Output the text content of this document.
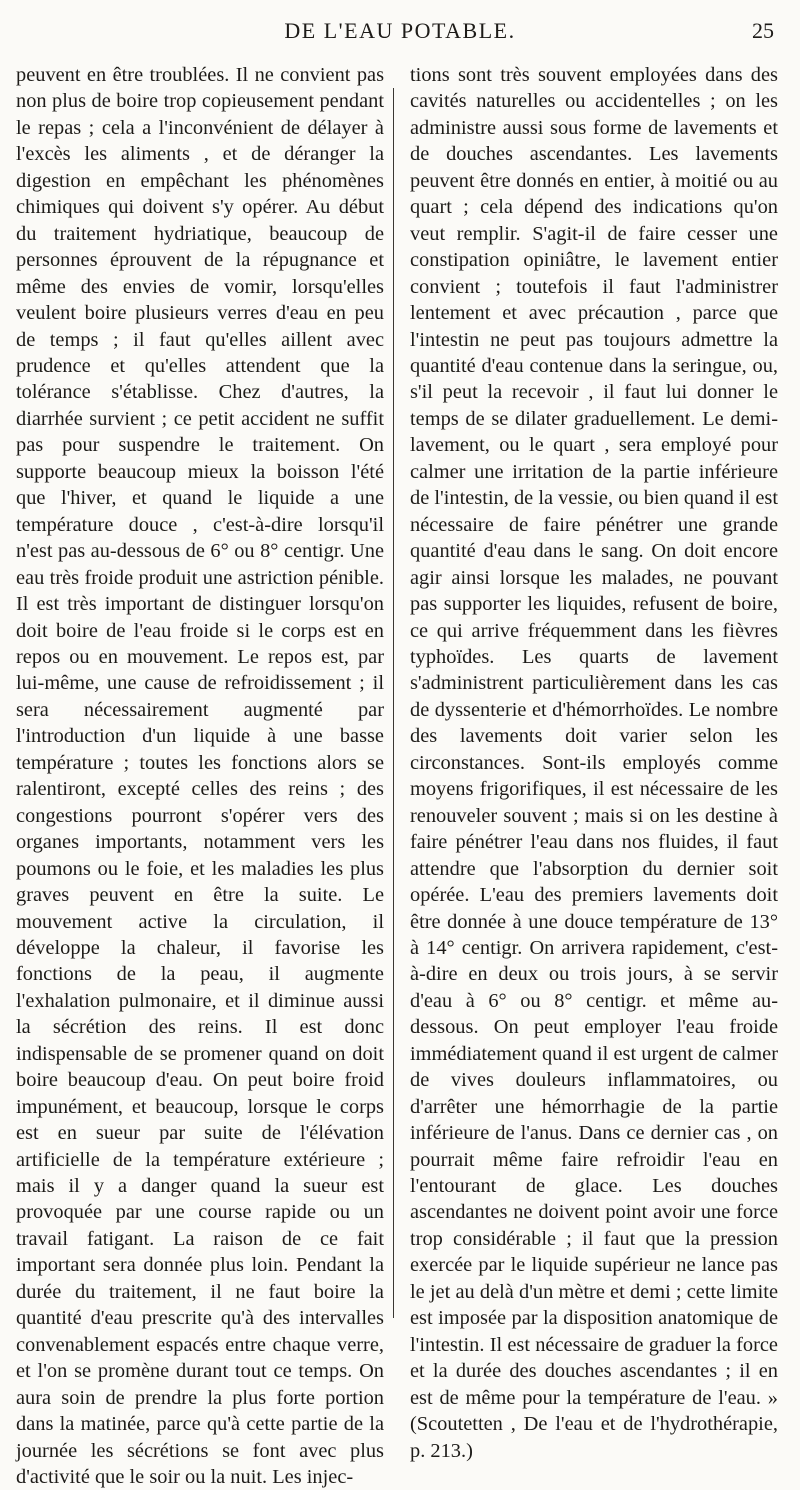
DE L'EAU POTABLE.	25

peuvent en être troublées. Il ne convient pas non plus de boire trop copieusement pendant le repas ; cela a l'inconvénient de délayer à l'excès les aliments , et de déranger la digestion en empêchant les phénomènes chimiques qui doivent s'y opérer. Au début du traitement hydriatique, beaucoup de personnes éprouvent de la répugnance et même des envies de vomir, lorsqu'elles veulent boire plusieurs verres d'eau en peu de temps ; il faut qu'elles aillent avec prudence et qu'elles attendent que la tolérance s'établisse. Chez d'autres, la diarrhée survient ; ce petit accident ne suffit pas pour suspendre le traitement. On supporte beaucoup mieux la boisson l'été que l'hiver, et quand le liquide a une température douce , c'est-à-dire lorsqu'il n'est pas au-dessous de 6° ou 8° centigr. Une eau très froide produit une astriction pénible. Il est très important de distinguer lorsqu'on doit boire de l'eau froide si le corps est en repos ou en mouvement. Le repos est, par lui-même, une cause de refroidissement ; il sera nécessairement augmenté par l'introduction d'un liquide à une basse température ; toutes les fonctions alors se ralentiront, excepté celles des reins ; des congestions pourront s'opérer vers des organes importants, notamment vers les poumons ou le foie, et les maladies les plus graves peuvent en être la suite. Le mouvement active la circulation, il développe la chaleur, il favorise les fonctions de la peau, il augmente l'exhalation pulmonaire, et il diminue aussi la sécrétion des reins. Il est donc indispensable de se promener quand on doit boire beaucoup d'eau. On peut boire froid impunément, et beaucoup, lorsque le corps est en sueur par suite de l'élévation artificielle de la température extérieure ; mais il y a danger quand la sueur est provoquée par une course rapide ou un travail fatigant. La raison de ce fait important sera donnée plus loin. Pendant la durée du traitement, il ne faut boire la quantité d'eau prescrite qu'à des intervalles convenablement espacés entre chaque verre, et l'on se promène durant tout ce temps. On aura soin de prendre la plus forte portion dans la matinée, parce qu'à cette partie de la journée les sécrétions se font avec plus d'activité que le soir ou la nuit. Les injec-

tions sont très souvent employées dans des cavités naturelles ou accidentelles ; on les administre aussi sous forme de lavements et de douches ascendantes. Les lavements peuvent être donnés en entier, à moitié ou au quart ; cela dépend des indications qu'on veut remplir. S'agit-il de faire cesser une constipation opiniâtre, le lavement entier convient ; toutefois il faut l'administrer lentement et avec précaution , parce que l'intestin ne peut pas toujours admettre la quantité d'eau contenue dans la seringue, ou, s'il peut la recevoir , il faut lui donner le temps de se dilater graduellement. Le demi-lavement, ou le quart , sera employé pour calmer une irritation de la partie inférieure de l'intestin, de la vessie, ou bien quand il est nécessaire de faire pénétrer une grande quantité d'eau dans le sang. On doit encore agir ainsi lorsque les malades, ne pouvant pas supporter les liquides, refusent de boire, ce qui arrive fréquemment dans les fièvres typhoïdes. Les quarts de lavement s'administrent particulièrement dans les cas de dyssenterie et d'hémorrhoïdes. Le nombre des lavements doit varier selon les circonstances. Sont-ils employés comme moyens frigorifiques, il est nécessaire de les renouveler souvent ; mais si on les destine à faire pénétrer l'eau dans nos fluides, il faut attendre que l'absorption du dernier soit opérée. L'eau des premiers lavements doit être donnée à une douce température de 13° à 14° centigr. On arrivera rapidement, c'est-à-dire en deux ou trois jours, à se servir d'eau à 6° ou 8° centigr. et même au-dessous. On peut employer l'eau froide immédiatement quand il est urgent de calmer de vives douleurs inflammatoires, ou d'arrêter une hémorrhagie de la partie inférieure de l'anus. Dans ce dernier cas , on pourrait même faire refroidir l'eau en l'entourant de glace. Les douches ascendantes ne doivent point avoir une force trop considérable ; il faut que la pression exercée par le liquide supérieur ne lance pas le jet au delà d'un mètre et demi ; cette limite est imposée par la disposition anatomique de l'intestin. Il est nécessaire de graduer la force et la durée des douches ascendantes ; il en est de même pour la température de l'eau. » (Scoutetten , De l'eau et de l'hydrothérapie, p. 213.)
